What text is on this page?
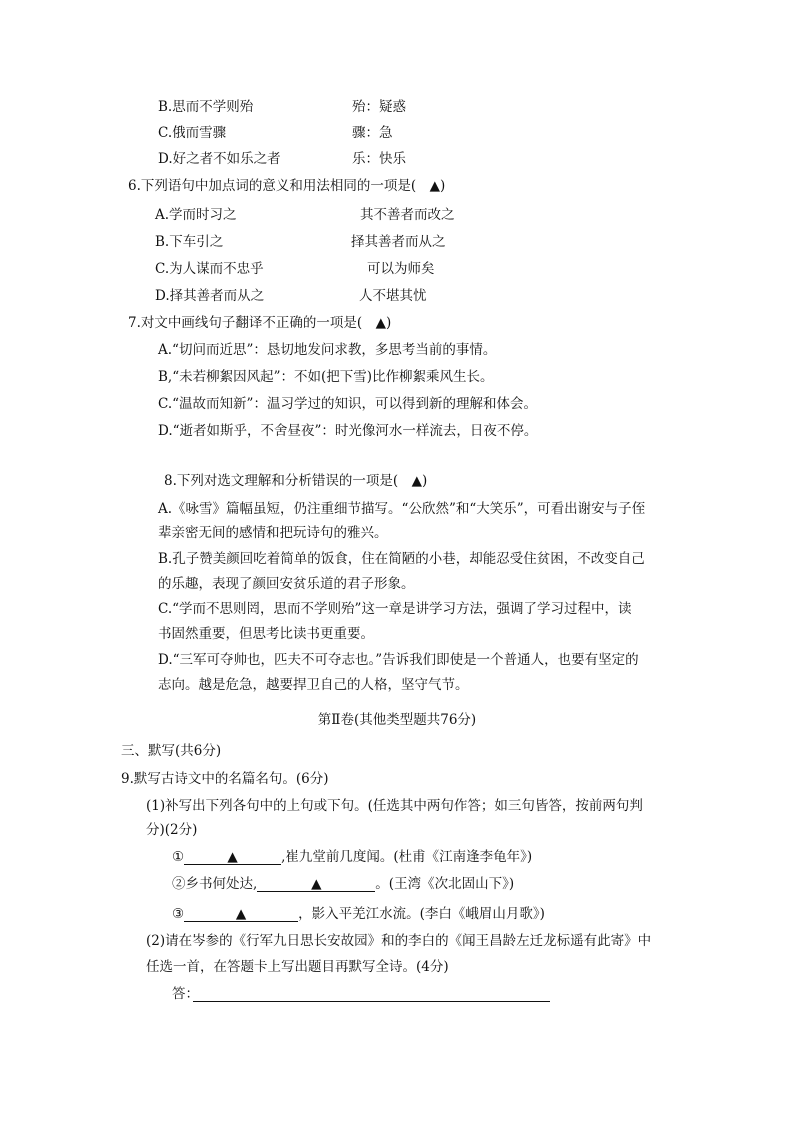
B.思而不学则殆	殆：疑惑
C.俄而雪骤	骤：急
D.好之者不如乐之者	乐：快乐
6.下列语句中加点词的意义和用法相同的一项是(　▲)
A.学而时习之	其不善者而改之
B.下车引之	择其善者而从之
C.为人谋而不忠乎	可以为师矣
D.择其善者而从之	人不堪其忧
7.对文中画线句子翻译不正确的一项是(　▲)
A.“切问而近思”：恳切地发问求教，多思考当前的事情。
B,“未若柳絮因风起”：不如(把下雪)比作柳絮乘风生长。
C.“温故而知新”：温习学过的知识，可以得到新的理解和体会。
D.“逝者如斯乎，不舍昼夜”：时光像河水一样流去，日夜不停。
8.下列对选文理解和分析错误的一项是(　▲)
A.《咏雪》篇幅虽短，仍注重细节描写。“公欣然”和“大笑乐”，可看出谢安与子侄
辈亲密无间的感情和把玩诗句的雅兴。
B.孔子赞美颜回吃着简单的饭食，住在简陋的小巷，却能忍受住贫困，不改变自己
的乐趣，表现了颜回安贫乐道的君子形象。
C.“学而不思则罔，思而不学则殆”这一章是讲学习方法，强调了学习过程中，读
书固然重要，但思考比读书更重要。
D.“三军可夺帅也，匹夫不可夺志也。”告诉我们即使是一个普通人，也要有坚定的
志向。越是危急，越要捍卫自己的人格，坚守气节。
第Ⅱ卷(其他类型题共76分)
三、默写(共6分)
9.默写古诗文中的名篇名句。(6分)
(1)补写出下列各句中的上句或下句。(任选其中两句作答；如三句皆答，按前两句判
分)(2分)
①	▲	,崔九堂前几度闻。(杜甫《江南逢李龟年》)
②乡书何处达,	▲	。(王湾《次北固山下》)
③	▲	，影入平羌江水流。(李白《峨眉山月歌》)
(2)请在岑参的《行军九日思长安故园》和的李白的《闻王昌龄左迁龙标遥有此寄》中
任选一首，在答题卡上写出题目再默写全诗。(4分)
答：
